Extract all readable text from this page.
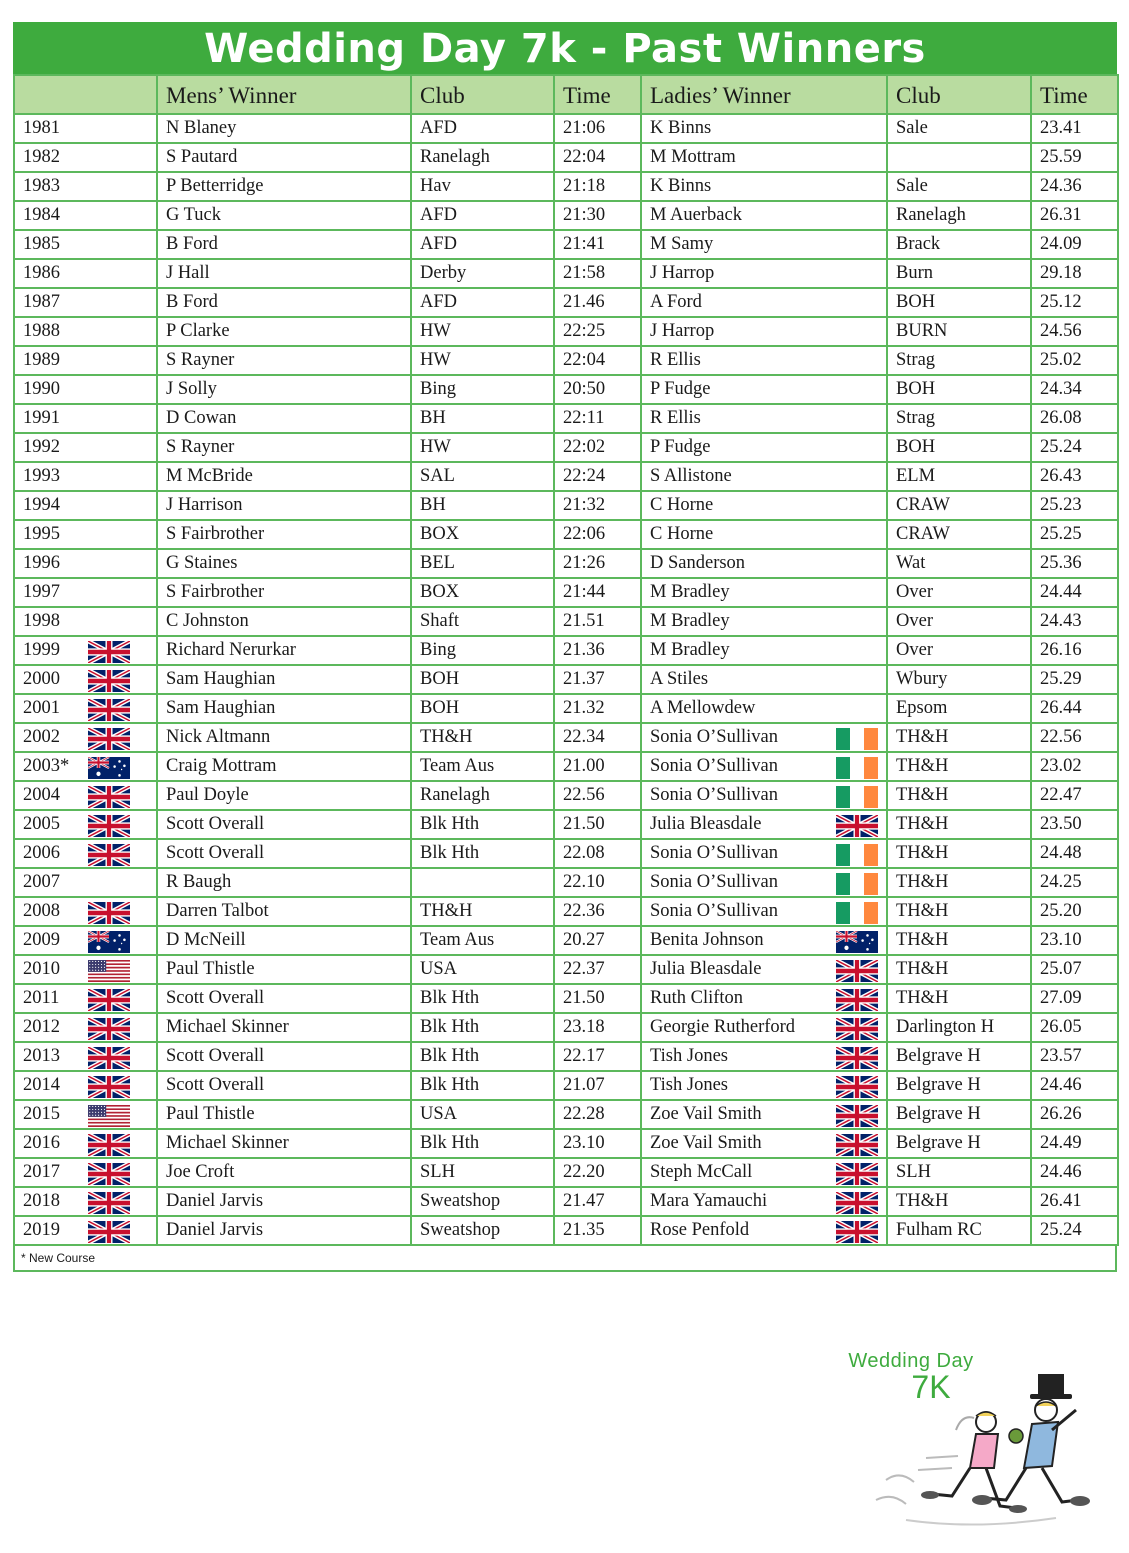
Wedding Day 7k - Past Winners
	Mens’ Winner	Club	Time	Ladies’ Winner	Club	Time
1981	N Blaney	AFD	21:06	K Binns	Sale	23.41
1982	S Pautard	Ranelagh	22:04	M Mottram		25.59
1983	P Betterridge	Hav	21:18	K Binns	Sale	24.36
1984	G Tuck	AFD	21:30	M Auerback	Ranelagh	26.31
1985	B Ford	AFD	21:41	M Samy	Brack	24.09
1986	J Hall	Derby	21:58	J Harrop	Burn	29.18
1987	B Ford	AFD	21.46	A Ford	BOH	25.12
1988	P Clarke	HW	22:25	J Harrop	BURN	24.56
1989	S Rayner	HW	22:04	R Ellis	Strag	25.02
1990	J Solly	Bing	20:50	P Fudge	BOH	24.34
1991	D Cowan	BH	22:11	R Ellis	Strag	26.08
1992	S Rayner	HW	22:02	P Fudge	BOH	25.24
1993	M McBride	SAL	22:24	S Allistone	ELM	26.43
1994	J Harrison	BH	21:32	C Horne	CRAW	25.23
1995	S Fairbrother	BOX	22:06	C Horne	CRAW	25.25
1996	G Staines	BEL	21:26	D Sanderson	Wat	25.36
1997	S Fairbrother	BOX	21:44	M Bradley	Over	24.44
1998	C Johnston	Shaft	21.51	M Bradley	Over	24.43
1999	Richard Nerurkar	Bing	21.36	M Bradley	Over	26.16
2000	Sam Haughian	BOH	21.37	A Stiles	Wbury	25.29
2001	Sam Haughian	BOH	21.32	A Mellowdew	Epsom	26.44
2002	Nick Altmann	TH&H	22.34	Sonia O’Sullivan	TH&H	22.56
2003*	Craig Mottram	Team Aus	21.00	Sonia O’Sullivan	TH&H	23.02
2004	Paul Doyle	Ranelagh	22.56	Sonia O’Sullivan	TH&H	22.47
2005	Scott Overall	Blk Hth	21.50	Julia Bleasdale	TH&H	23.50
2006	Scott Overall	Blk Hth	22.08	Sonia O’Sullivan	TH&H	24.48
2007	R Baugh		22.10	Sonia O’Sullivan	TH&H	24.25
2008	Darren Talbot	TH&H	22.36	Sonia O’Sullivan	TH&H	25.20
2009	D McNeill	Team Aus	20.27	Benita Johnson	TH&H	23.10
2010	Paul Thistle	USA	22.37	Julia Bleasdale	TH&H	25.07
2011	Scott Overall	Blk Hth	21.50	Ruth Clifton	TH&H	27.09
2012	Michael Skinner	Blk Hth	23.18	Georgie Rutherford	Darlington H	26.05
2013	Scott Overall	Blk Hth	22.17	Tish Jones	Belgrave H	23.57
2014	Scott Overall	Blk Hth	21.07	Tish Jones	Belgrave H	24.46
2015	Paul Thistle	USA	22.28	Zoe Vail Smith	Belgrave H	26.26
2016	Michael Skinner	Blk Hth	23.10	Zoe Vail Smith	Belgrave H	24.49
2017	Joe Croft	SLH	22.20	Steph McCall	SLH	24.46
2018	Daniel Jarvis	Sweatshop	21.47	Mara Yamauchi	TH&H	26.41
2019	Daniel Jarvis	Sweatshop	21.35	Rose Penfold	Fulham RC	25.24
* New Course
Wedding Day
7K
